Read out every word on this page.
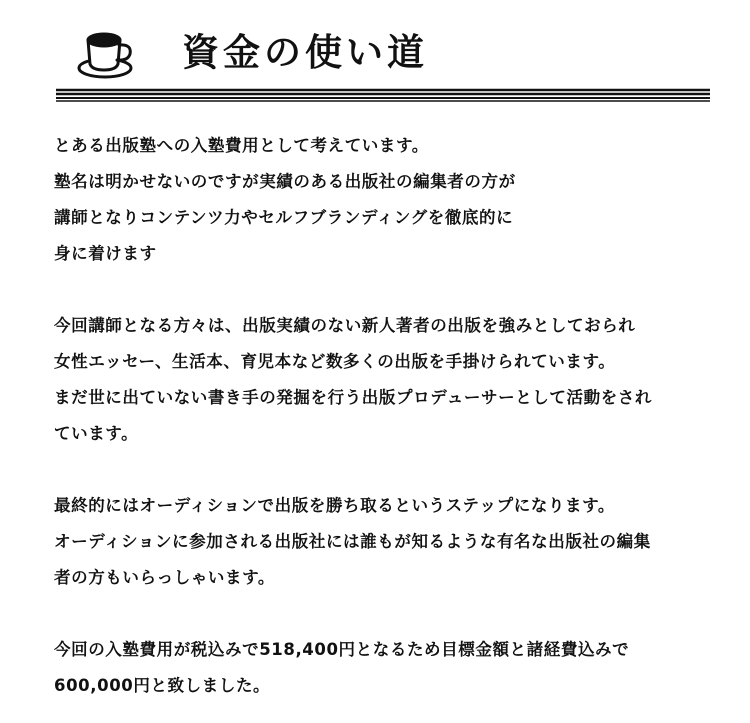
資金の使い道
とある出版塾への入塾費用として考えています。
塾名は明かせないのですが実績のある出版社の編集者の方が
講師となりコンテンツ力やセルフブランディングを徹底的に
身に着けます
今回講師となる方々は、出版実績のない新人著者の出版を強みとしておられ
女性エッセー、生活本、育児本など数多くの出版を手掛けられています。
まだ世に出ていない書き手の発掘を行う出版プロデューサーとして活動をされ
ています。
最終的にはオーディションで出版を勝ち取るというステップになります。
オーディションに参加される出版社には誰もが知るような有名な出版社の編集
者の方もいらっしゃいます。
今回の入塾費用が税込みで518,400円となるため目標金額と諸経費込みで
600,000円と致しました。
